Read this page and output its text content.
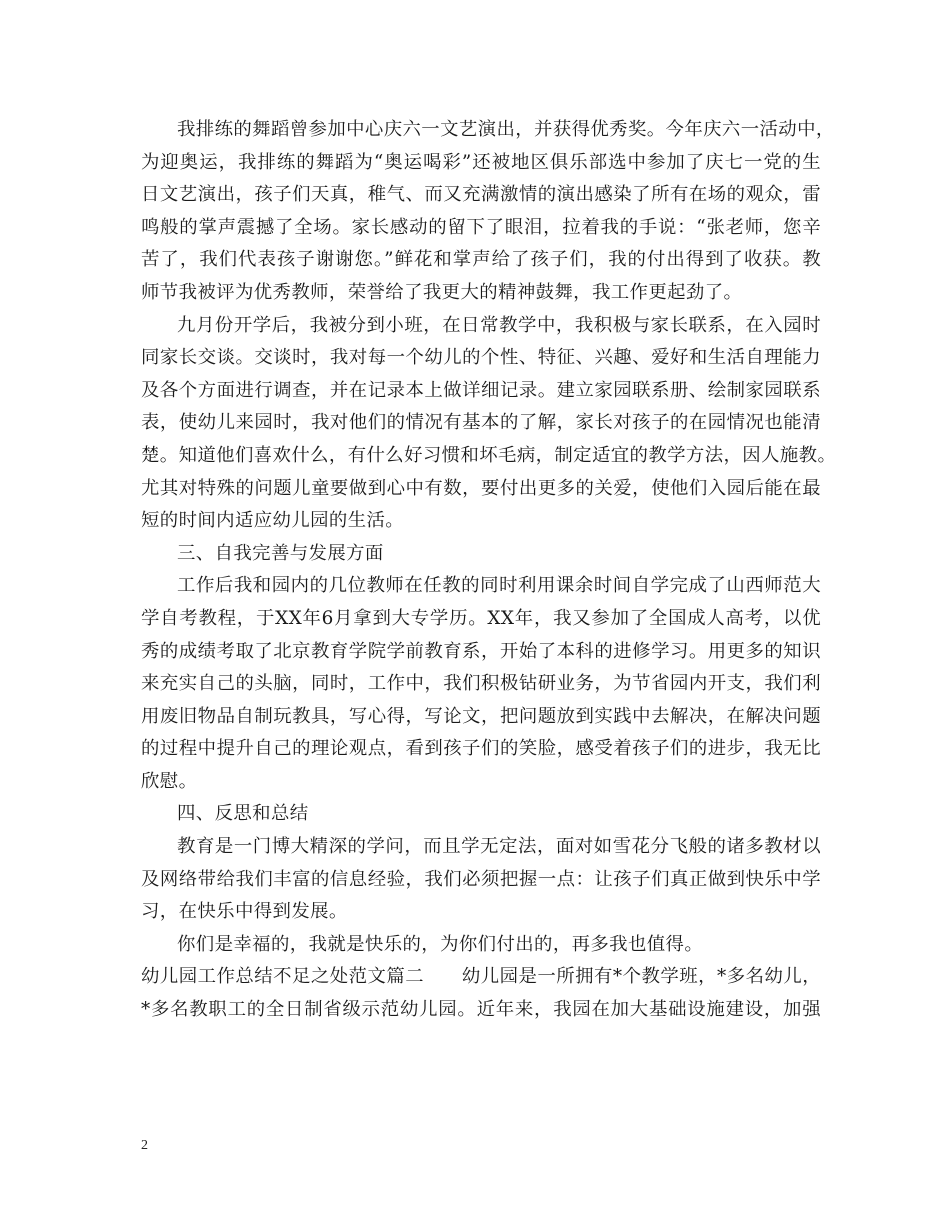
我排练的舞蹈曾参加中心庆六一文艺演出，并获得优秀奖。今年庆六一活动中，
为迎奥运，我排练的舞蹈为“奥运喝彩”还被地区俱乐部选中参加了庆七一党的生
日文艺演出，孩子们天真，稚气、而又充满激情的演出感染了所有在场的观众，雷
鸣般的掌声震撼了全场。家长感动的留下了眼泪，拉着我的手说：“张老师，您辛
苦了，我们代表孩子谢谢您。”鲜花和掌声给了孩子们，我的付出得到了收获。教
师节我被评为优秀教师，荣誉给了我更大的精神鼓舞，我工作更起劲了。

九月份开学后，我被分到小班，在日常教学中，我积极与家长联系，在入园时
同家长交谈。交谈时，我对每一个幼儿的个性、特征、兴趣、爱好和生活自理能力
及各个方面进行调查，并在记录本上做详细记录。建立家园联系册、绘制家园联系
表，使幼儿来园时，我对他们的情况有基本的了解，家长对孩子的在园情况也能清
楚。知道他们喜欢什么，有什么好习惯和坏毛病，制定适宜的教学方法，因人施教。
尤其对特殊的问题儿童要做到心中有数，要付出更多的关爱，使他们入园后能在最
短的时间内适应幼儿园的生活。

三、自我完善与发展方面

工作后我和园内的几位教师在任教的同时利用课余时间自学完成了山西师范大
学自考教程，于XX年6月拿到大专学历。XX年，我又参加了全国成人高考，以优
秀的成绩考取了北京教育学院学前教育系，开始了本科的进修学习。用更多的知识
来充实自己的头脑，同时，工作中，我们积极钻研业务，为节省园内开支，我们利
用废旧物品自制玩教具，写心得，写论文，把问题放到实践中去解决，在解决问题
的过程中提升自己的理论观点，看到孩子们的笑脸，感受着孩子们的进步，我无比
欣慰。

四、反思和总结

教育是一门博大精深的学问，而且学无定法，面对如雪花分飞般的诸多教材以
及网络带给我们丰富的信息经验，我们必须把握一点：让孩子们真正做到快乐中学
习，在快乐中得到发展。

你们是幸福的，我就是快乐的，为你们付出的，再多我也值得。

幼儿园工作总结不足之处范文篇二　　幼儿园是一所拥有*个教学班，*多名幼儿，
*多名教职工的全日制省级示范幼儿园。近年来，我园在加大基础设施建设，加强

2
